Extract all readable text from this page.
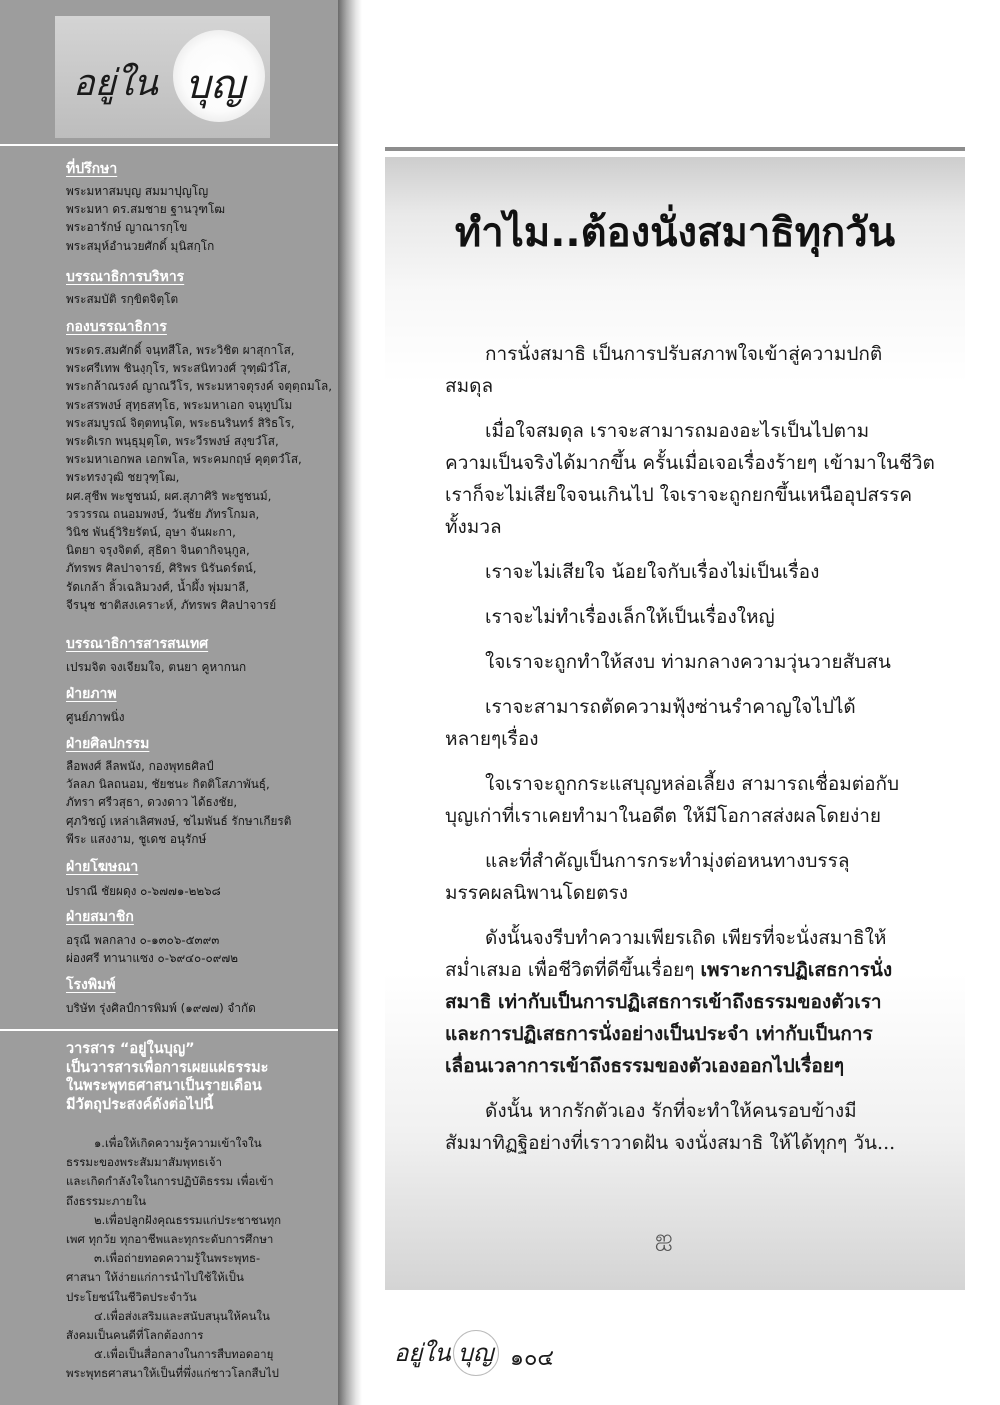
อยู่ใน บุญ
ที่ปรึกษา
พระมหาสมบุญ สมมาปุญโญ
พระมหา ดร.สมชาย ฐานวุฑโฒ
พระอารักษ์ ญาณารกฺโข
พระสมุห์อำนวยศักดิ์ มุนิสกฺโก
บรรณาธิการบริหาร
พระสมบัติ รกฺขิตจิตฺโต
กองบรรณาธิการ
พระดร.สมศักดิ์ จนฺทสีโล, พระวิชิต ผาสุกาโส,
พระศรีเทพ ชินงฺกุโร, พระสนิทวงศ์ วุฑฺฒิวํโส,
พระกล้าณรงค์ ญาณวีโร, พระมหาจตุรงค์ จตุตฺถมโล,
พระสรพงษ์ สุทฺธสทฺโธ, พระมหาเอก จนฺทูปโม
พระสมบูรณ์ จิตฺตทนฺโต, พระธนรินทร์ สิริธโร,
พระดิเรก พนฺธุมุตฺโต, พระวีรพงษ์ สงฺขวํโส,
พระมหาเอกพล เอกพโล, พระคมกฤษ์ คุตฺตวํโส,
พระทรงวุฒิ ชยวุฑฺโฒ,
ผศ.สุชีพ พะชูชนม์, ผศ.สุภาศิริ พะชูชนม์,
วรวรรณ ถนอมพงษ์, วันชัย ภัทรโกมล,
วินิช พันธุ์วิริยรัตน์, อุษา จันผะกา,
นิตยา จรุงจิตต์, สุธิดา จินดากิจนุกูล,
ภัทรพร ศิลปาจารย์, ศิริพร นิรันดร์ตน์,
รัดเกล้า ลิ้วเฉลิมวงศ์, น้ำผึ้ง พุ่มมาลี,
จีรนุช ชาติสงเคราะห์, ภัทรพร ศิลปาจารย์
บรรณาธิการสารสนเทศ
เปรมจิต จงเจียมใจ, ตนยา คูหากนก
ฝ่ายภาพ
ศูนย์ภาพนิ่ง
ฝ่ายศิลปกรรม
ลือพงศ์ ลีลพนัง, กองพุทธศิลป์
วัลลภ นิลถนอม, ชัยชนะ กิตติโสภาพันธุ์,
ภัทรา ศรีวสุธา, ดวงดาว ได้ธงชัย,
ศุภวิชญ์ เหล่าเลิศพงษ์, ชไมพันธ์ รักษาเกียรติ
พีระ แสงงาม, ชูเดช อนุรักษ์
ฝ่ายโฆษณา
ปราณี ชัยผดุง ๐-๖๗๗๑-๒๒๖๘
ฝ่ายสมาชิก
อรุณี พลกลาง ๐-๑๓๐๖-๕๓๙๓
ผ่องศรี ทานาแซง ๐-๖๙๔๐-๐๙๗๒
โรงพิมพ์
บริษัท รุ่งศิลป์การพิมพ์ (๑๙๗๗) จำกัด
วารสาร “อยู่ในบุญ”
เป็นวารสารเพื่อการเผยแผ่ธรรมะ
ในพระพุทธศาสนาเป็นรายเดือน
มีวัตถุประสงค์ดังต่อไปนี้
๑.เพื่อให้เกิดความรู้ความเข้าใจใน
ธรรมะของพระสัมมาสัมพุทธเจ้า
และเกิดกำลังใจในการปฏิบัติธรรม เพื่อเข้า
ถึงธรรมะภายใน
๒.เพื่อปลูกฝังคุณธรรมแก่ประชาชนทุก
เพศ ทุกวัย ทุกอาชีพและทุกระดับการศึกษา
๓.เพื่อถ่ายทอดความรู้ในพระพุทธ-
ศาสนา ให้ง่ายแก่การนำไปใช้ให้เป็น
ประโยชน์ในชีวิตประจำวัน
๔.เพื่อส่งเสริมและสนับสนุนให้คนใน
สังคมเป็นคนดีที่โลกต้องการ
๕.เพื่อเป็นสื่อกลางในการสืบทอดอายุ
พระพุทธศาสนาให้เป็นที่พึ่งแก่ชาวโลกสืบไป
ทำไม..ต้องนั่งสมาธิทุกวัน
การนั่งสมาธิ เป็นการปรับสภาพใจเข้าสู่ความปกติ
สมดุล
เมื่อใจสมดุล เราจะสามารถมองอะไรเป็นไปตาม
ความเป็นจริงได้มากขึ้น ครั้นเมื่อเจอเรื่องร้ายๆ เข้ามาในชีวิต
เราก็จะไม่เสียใจจนเกินไป ใจเราจะถูกยกขึ้นเหนืออุปสรรค
ทั้งมวล
เราจะไม่เสียใจ น้อยใจกับเรื่องไม่เป็นเรื่อง
เราจะไม่ทำเรื่องเล็กให้เป็นเรื่องใหญ่
ใจเราจะถูกทำให้สงบ ท่ามกลางความวุ่นวายสับสน
เราจะสามารถตัดความฟุ้งซ่านรำคาญใจไปได้
หลายๆเรื่อง
ใจเราจะถูกกระแสบุญหล่อเลี้ยง สามารถเชื่อมต่อกับ
บุญเก่าที่เราเคยทำมาในอดีต ให้มีโอกาสส่งผลโดยง่าย
และที่สำคัญเป็นการกระทำมุ่งต่อหนทางบรรลุ
มรรคผลนิพานโดยตรง
ดังนั้นจงรีบทำความเพียรเถิด เพียรที่จะนั่งสมาธิให้
สม่ำเสมอ เพื่อชีวิตที่ดีขึ้นเรื่อยๆ เพราะการปฏิเสธการนั่ง
สมาธิ เท่ากับเป็นการปฏิเสธการเข้าถึงธรรมของตัวเรา
และการปฏิเสธการนั่งอย่างเป็นประจำ เท่ากับเป็นการ
เลื่อนเวลาการเข้าถึงธรรมของตัวเองออกไปเรื่อยๆ
ดังนั้น หากรักตัวเอง รักที่จะทำให้คนรอบข้างมี
สัมมาทิฏฐิอย่างที่เราวาดฝัน จงนั่งสมาธิ ให้ได้ทุกๆ วัน...
ஐ
อยู่ใน บุญ ๑๐๔
